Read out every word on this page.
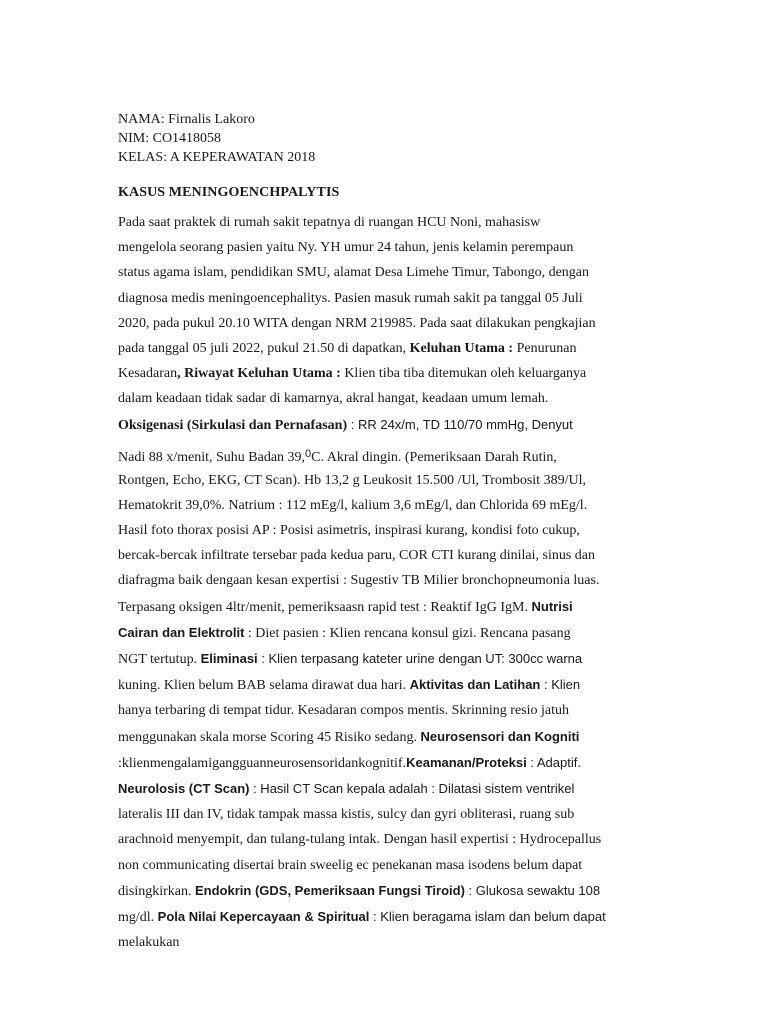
NAMA: Firnalis Lakoro

NIM: CO1418058

KELAS: A KEPERAWATAN 2018

KASUS MENINGOENCHPALYTIS

Pada saat praktek di rumah sakit tepatnya di ruangan HCU Noni, mahasisw
mengelola seorang pasien yaitu Ny. YH umur 24 tahun, jenis kelamin perempaun
status agama islam, pendidikan SMU, alamat Desa Limehe Timur, Tabongo, dengan
diagnosa medis meningoencephalitys. Pasien masuk rumah sakit pa tanggal 05 Juli
2020, pada pukul 20.10 WITA dengan NRM 219985. Pada saat dilakukan pengkajian
pada tanggal 05 juli 2022, pukul 21.50 di dapatkan, Keluhan Utama : Penurunan
Kesadaran, Riwayat Keluhan Utama : Klien tiba tiba ditemukan oleh keluarganya
dalam keadaan tidak sadar di kamarnya, akral hangat, keadaan umum lemah.
Oksigenasi (Sirkulasi dan Pernafasan) : RR 24x/m, TD 110/70 mmHg, Denyut
Nadi 88 x/menit, Suhu Badan 39,$^0$C. Akral dingin. (Pemeriksaan Darah Rutin,
Rontgen, Echo, EKG, CT Scan). Hb 13,2 g Leukosit 15.500 /Ul, Trombosit 389/Ul,
Hematokrit 39,0%. Natrium : 112 mEg/l, kalium 3,6 mEg/l, dan Chlorida 69 mEg/l.
Hasil foto thorax posisi AP : Posisi asimetris, inspirasi kurang, kondisi foto cukup,
bercak-bercak infiltrate tersebar pada kedua paru, COR CTI kurang dinilai, sinus dan
diafragma baik dengaan kesan expertisi : Sugestiv TB Milier bronchopneumonia luas.
Terpasang oksigen 4ltr/menit, pemeriksaasn rapid test : Reaktif IgG IgM. Nutrisi
Cairan dan Elektrolit : Diet pasien : Klien rencana konsul gizi. Rencana pasang
NGT tertutup. Eliminasi : Klien terpasang kateter urine dengan UT: 300cc warna
kuning. Klien belum BAB selama dirawat dua hari. Aktivitas dan Latihan : Klien
hanya terbaring di tempat tidur. Kesadaran compos mentis. Skrinning resio jatuh
menggunakan skala morse Scoring 45 Risiko sedang. Neurosensori dan Kogniti
:klienmengalamigangguanneurosensoridankognitif.Keamanan/Proteksi : Adaptif.
Neurolosis (CT Scan) : Hasil CT Scan kepala adalah : Dilatasi sistem ventrikel
lateralis III dan IV, tidak tampak massa kistis, sulcy dan gyri obliterasi, ruang sub
arachnoid menyempit, dan tulang-tulang intak. Dengan hasil expertisi : Hydrocepallus
non communicating disertai brain sweelig ec penekanan masa isodens belum dapat
disingkirkan. Endokrin (GDS, Pemeriksaan Fungsi Tiroid) : Glukosa sewaktu 108
mg/dl. Pola Nilai Kepercayaan & Spiritual : Klien beragama islam dan belum dapat
melakukan
